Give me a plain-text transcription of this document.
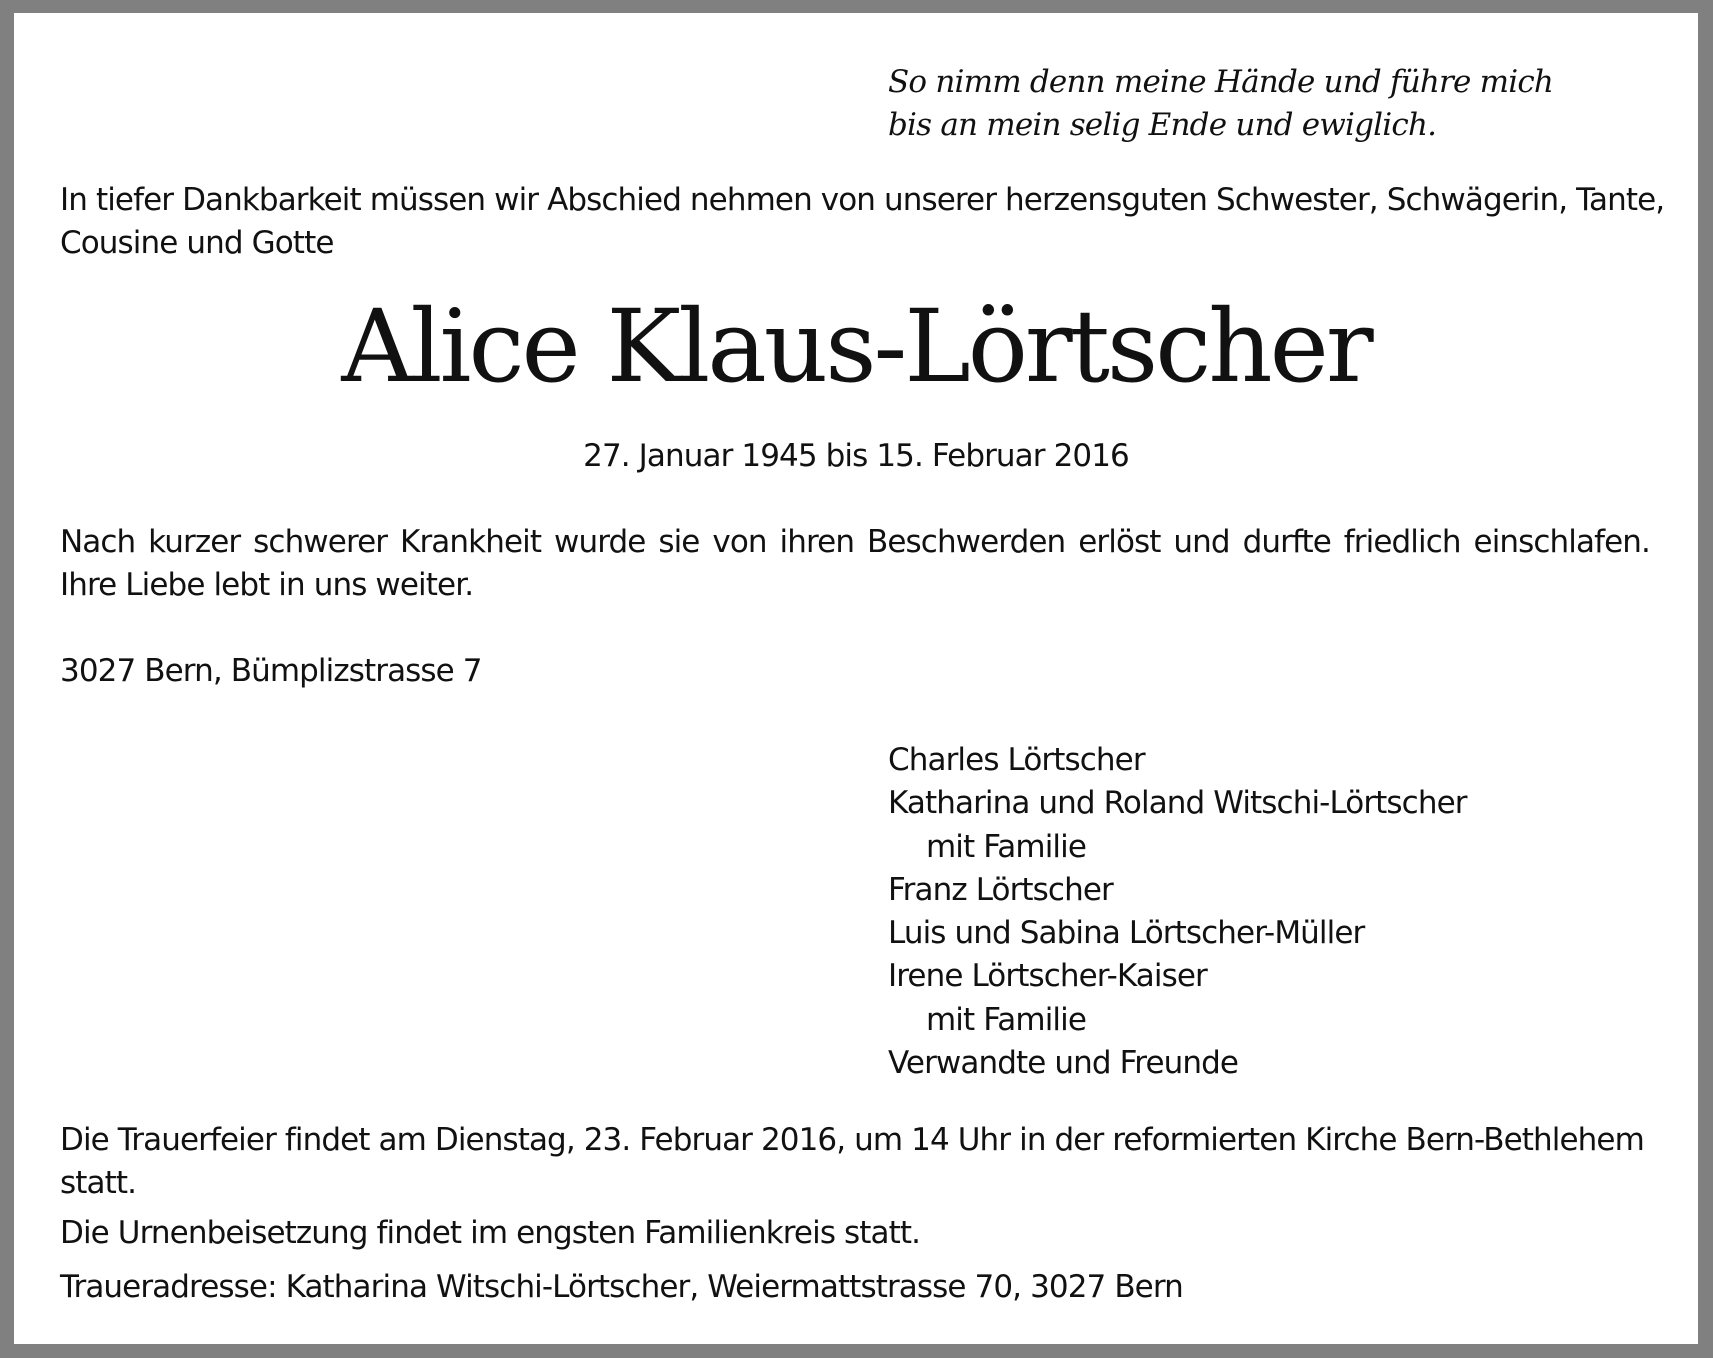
So nimm denn meine Hände und führe mich
bis an mein selig Ende und ewiglich.
In tiefer Dankbarkeit müssen wir Abschied nehmen von unserer herzensguten Schwester, Schwägerin, Tante,
Cousine und Gotte
Alice Klaus-Lörtscher
27. Januar 1945 bis 15. Februar 2016
Nach kurzer schwerer Krankheit wurde sie von ihren Beschwerden erlöst und durfte friedlich einschlafen.
Ihre Liebe lebt in uns weiter.
3027 Bern, Bümplizstrasse 7
Charles Lörtscher
Katharina und Roland Witschi-Lörtscher
mit Familie
Franz Lörtscher
Luis und Sabina Lörtscher-Müller
Irene Lörtscher-Kaiser
mit Familie
Verwandte und Freunde
Die Trauerfeier findet am Dienstag, 23. Februar 2016, um 14 Uhr in der reformierten Kirche Bern-Bethlehem
statt.
Die Urnenbeisetzung findet im engsten Familienkreis statt.
Traueradresse: Katharina Witschi-Lörtscher, Weiermattstrasse 70, 3027 Bern
